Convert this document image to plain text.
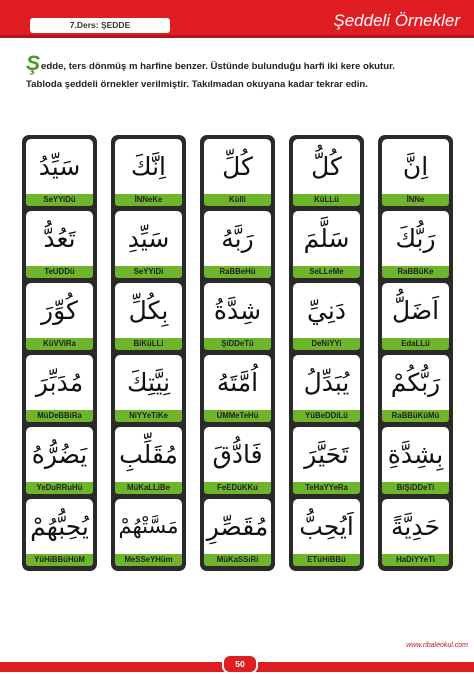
7.Ders: ŞEDDE	Şeddeli Örnekler
Şedde, ters dönmüş m harfine benzer. Üstünde bulunduğu harfi iki kere okutur.
Tabloda şeddeli örnekler verilmiştir. Takılmadan okuyana kadar tekrar edin.
سَيِّدُ
SeYYiDü
تَعُدُّ
TeUDDü
كُوِّرَ
KüVViRa
مُدَبِّرَ
MüDeBBiRa
يَضُرُّهُ
YeDuRRuHü
يُحِبُّهُمْ
YüHiBBüHüM
اِنَّكَ
İNNeKe
سَيِّدِ
SeYYiDi
بِكُلِّ
BiKüLLi
نِيَّتِكَ
NiYYeTiKe
مُقَلِّبِ
MüKaLLiBe
مَسَّتْهُمْ
MeSSeYHüm
كُلِّ
Külli
رَبَّهُ
RaBBeHü
شِدَّةُ
ŞiDDeTü
اُمَّتَهُ
ÜMMeTeHü
فَادُّقَ
FeEDüKKu
مُقَصِّرِ
MüKaSSıRi
كُلُّ
KüLLü
سَلَّمَ
SeLLeMe
دَنِيِّ
DeNiYYi
يُبَدِّلُ
YüBeDDiLü
تَحَيَّرَ
TeHaYYeRa
اَيُحِبُّ
ETüHiBBü
اِنَّ
İNNe
رَبُّكَ
RaBBüKe
اَضَلُّ
EdaLLü
رَبُّكُمْ
RaBBüKüMü
بِشِدَّةِ
BiŞiDDeTi
حَدِيَّةً
HaDiYYeTi
www.ribaleokul.com
50
